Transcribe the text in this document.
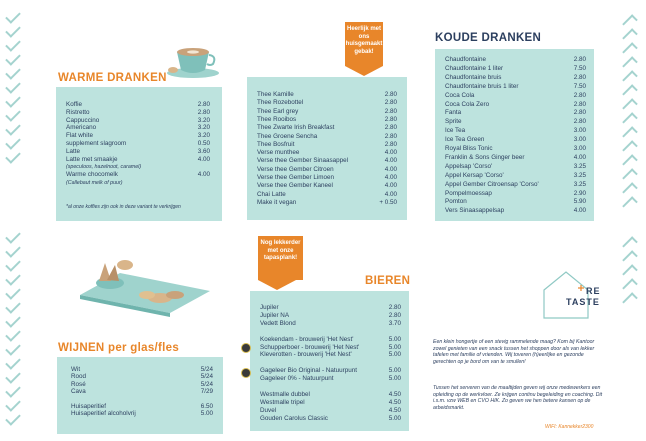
WARME DRANKEN
Koffie	2.80
Ristretto	2.80
Cappuccino	3.20
Americano	3.20
Flat white	3.20
supplement slagroom	0.50
Latte	3.60
Latte met smaakje	4.00
(speculoos, hazelnoot, caramel)
Warme chocomelk	4.00
(Callebaut melk of puur)
*al onze koffies zijn ook in deze variant te verkrijgen
Heerlijk met ons huisgemaakt gebak!
Thee Kamille	2.80
Thee Rozebottel	2.80
Thee Earl grey	2.80
Thee Rooibos	2.80
Thee Zwarte Irish Breakfast	2.80
Thee Groene Sencha	2.80
Thee Bosfruit	2.80
Verse munthee	4.00
Verse thee Gember Sinaasappel	4.00
Verse thee Gember Citroen	4.00
Verse thee Gember Limoen	4.00
Verse thee Gember Kaneel	4.00
Chai Latte	4.00
Make it vegan	+ 0.50
KOUDE DRANKEN
Chaudfontaine	2.80
Chaudfontaine 1 liter	7.50
Chaudfontaine bruis	2.80
Chaudfontaine bruis 1 liter	7.50
Coca Cola	2.80
Coca Cola Zero	2.80
Fanta	2.80
Sprite	2.80
Ice Tea	3.00
Ice Tea Green	3.00
Royal Bliss Tonic	3.00
Franklin & Sons Ginger beer	4.00
Appelsap 'Corso'	3.25
Appel Kersap 'Corso'	3.25
Appel Gember Citroensap 'Corso'	3.25
Pompelmoessap	2.90
Pomton	5.90
Vers Sinaasappelsap	4.00
WIJNEN per glas/fles
Wit	5/24
Rood	5/24
Rosé	5/24
Cava	7/29
Huisaperitief	6.50
Huisaperitief alcoholvrij	5.00
Nog lekkerder met onze tapasplank!
BIEREN
Jupiler	2.80
Jupiler NA	2.80
Vedett Blond	3.70
Koekendam - brouwerij 'Het Nest'	5.00
Schupperboer - brouwerij 'Het Nest'	5.00
Kleverotten - brouwerij 'Het Nest'	5.00
Gageleer Bio Original - Natuurpunt	5.00
Gageleer 0% - Natuurpunt	5.00
Westmalle dubbel	4.50
Westmalle tripel	4.50
Duvel	4.50
Gouden Carolus Classic	5.00
RE
TASTE
Een klein hongertje of een stevig rammelende maag? Kom bij Kantoor zowel genieten van een snack tussen het shoppen door als van lekker tafelen met familie of vrienden. Wij toveren (h)eerlijke en gezonde gerechten op je bord om van te smullen!
Tussen het serveren van de maaltijden geven wij onze medewerkers een opleiding op de werkvloer. Ze krijgen continu begeleiding en coaching. Dit i.s.m. vzw WEB en CVO HIK. Zo geven we hen betere kansen op de arbeidsmarkt.
WIFI: Kannekker2300
